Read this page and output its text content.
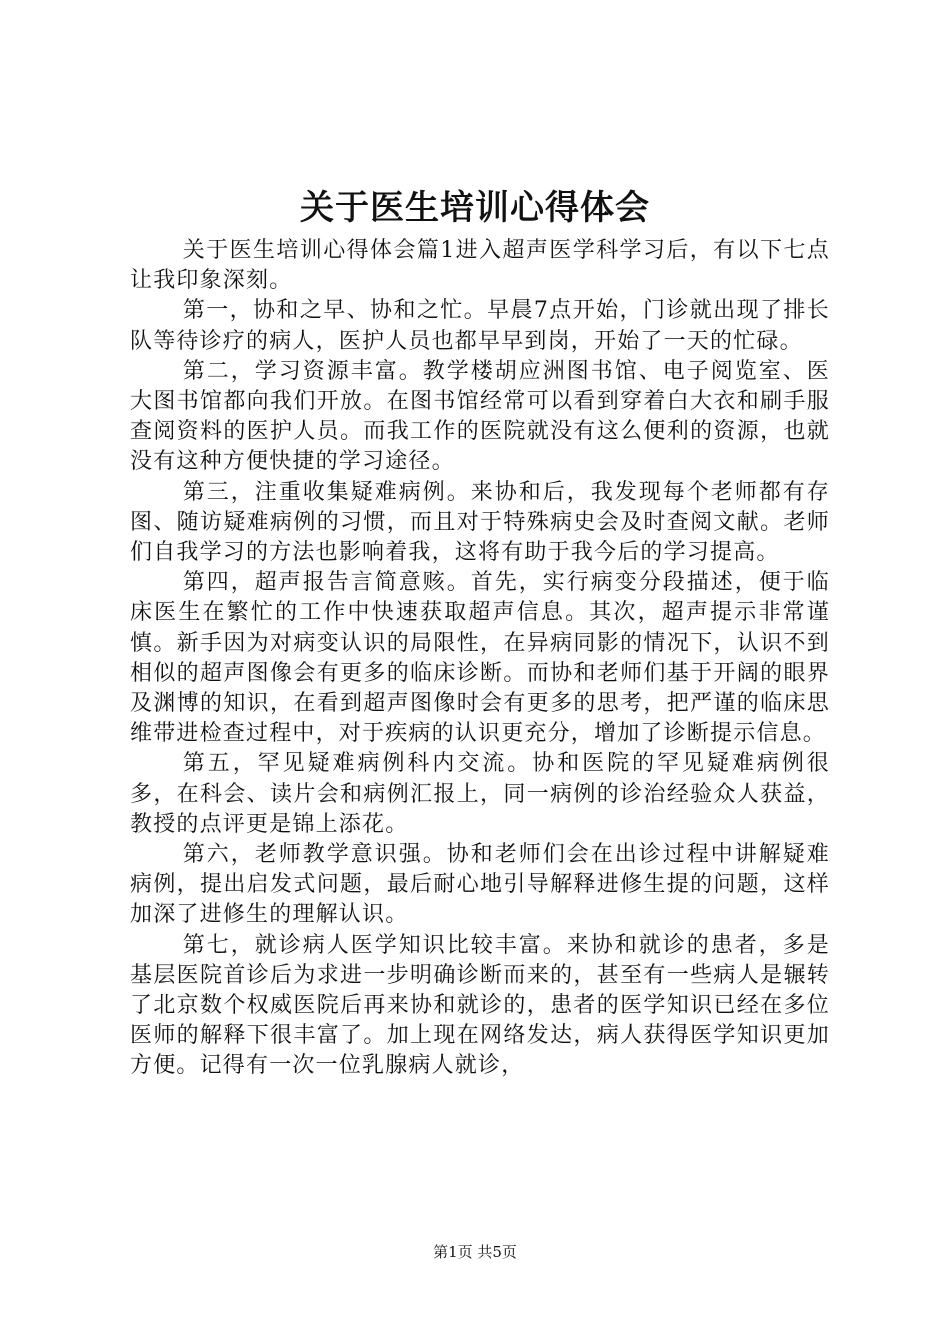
关于医生培训心得体会

关于医生培训心得体会篇1进入超声医学科学习后，有以下七点让我印象深刻。

第一，协和之早、协和之忙。早晨7点开始，门诊就出现了排长队等待诊疗的病人，医护人员也都早早到岗，开始了一天的忙碌。

第二，学习资源丰富。教学楼胡应洲图书馆、电子阅览室、医大图书馆都向我们开放。在图书馆经常可以看到穿着白大衣和刷手服查阅资料的医护人员。而我工作的医院就没有这么便利的资源，也就没有这种方便快捷的学习途径。

第三，注重收集疑难病例。来协和后，我发现每个老师都有存图、随访疑难病例的习惯，而且对于特殊病史会及时查阅文献。老师们自我学习的方法也影响着我，这将有助于我今后的学习提高。

第四，超声报告言简意赅。首先，实行病变分段描述，便于临床医生在繁忙的工作中快速获取超声信息。其次，超声提示非常谨慎。新手因为对病变认识的局限性，在异病同影的情况下，认识不到相似的超声图像会有更多的临床诊断。而协和老师们基于开阔的眼界及渊博的知识，在看到超声图像时会有更多的思考，把严谨的临床思维带进检查过程中，对于疾病的认识更充分，增加了诊断提示信息。

第五，罕见疑难病例科内交流。协和医院的罕见疑难病例很多，在科会、读片会和病例汇报上，同一病例的诊治经验众人获益，教授的点评更是锦上添花。

第六，老师教学意识强。协和老师们会在出诊过程中讲解疑难病例，提出启发式问题，最后耐心地引导解释进修生提的问题，这样加深了进修生的理解认识。

第七，就诊病人医学知识比较丰富。来协和就诊的患者，多是基层医院首诊后为求进一步明确诊断而来的，甚至有一些病人是辗转了北京数个权威医院后再来协和就诊的，患者的医学知识已经在多位医师的解释下很丰富了。加上现在网络发达，病人获得医学知识更加方便。记得有一次一位乳腺病人就诊，

第1页 共5页
